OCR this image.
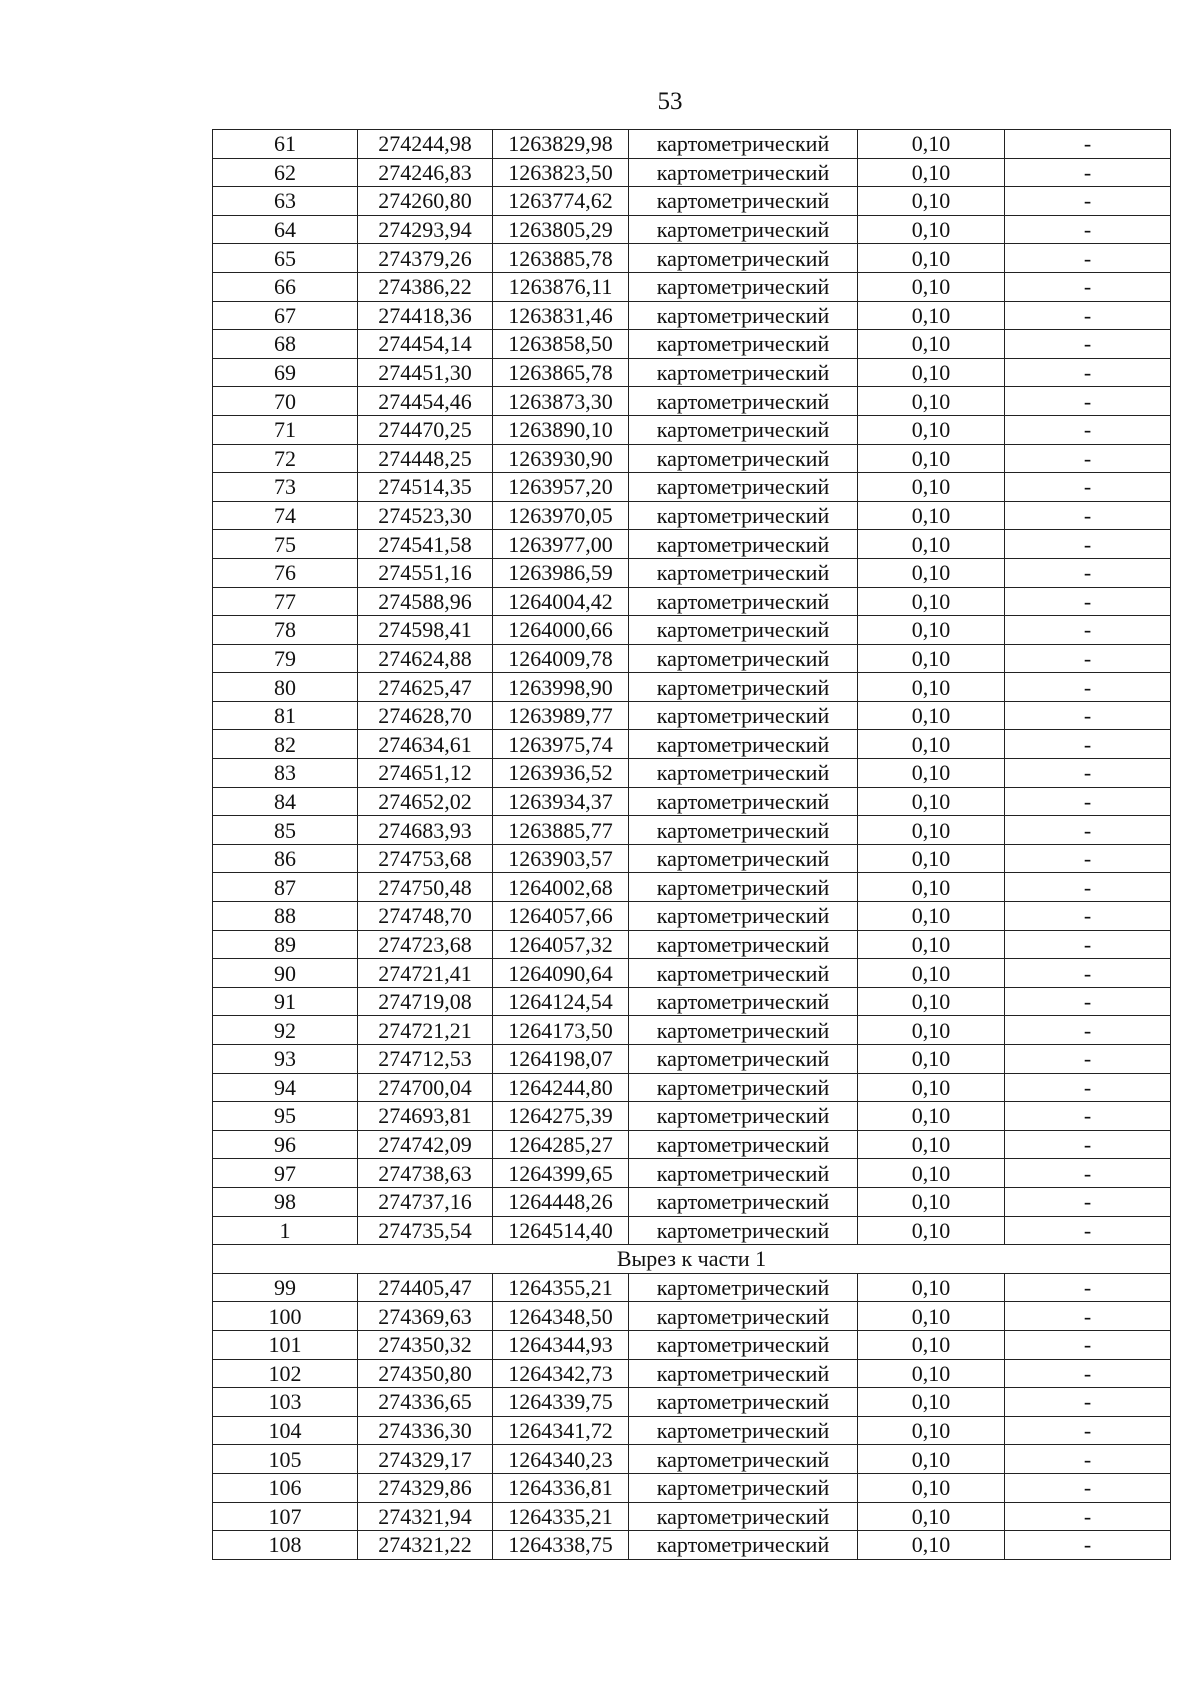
53
61	274244,98	1263829,98	картометрический	0,10	-
62	274246,83	1263823,50	картометрический	0,10	-
63	274260,80	1263774,62	картометрический	0,10	-
64	274293,94	1263805,29	картометрический	0,10	-
65	274379,26	1263885,78	картометрический	0,10	-
66	274386,22	1263876,11	картометрический	0,10	-
67	274418,36	1263831,46	картометрический	0,10	-
68	274454,14	1263858,50	картометрический	0,10	-
69	274451,30	1263865,78	картометрический	0,10	-
70	274454,46	1263873,30	картометрический	0,10	-
71	274470,25	1263890,10	картометрический	0,10	-
72	274448,25	1263930,90	картометрический	0,10	-
73	274514,35	1263957,20	картометрический	0,10	-
74	274523,30	1263970,05	картометрический	0,10	-
75	274541,58	1263977,00	картометрический	0,10	-
76	274551,16	1263986,59	картометрический	0,10	-
77	274588,96	1264004,42	картометрический	0,10	-
78	274598,41	1264000,66	картометрический	0,10	-
79	274624,88	1264009,78	картометрический	0,10	-
80	274625,47	1263998,90	картометрический	0,10	-
81	274628,70	1263989,77	картометрический	0,10	-
82	274634,61	1263975,74	картометрический	0,10	-
83	274651,12	1263936,52	картометрический	0,10	-
84	274652,02	1263934,37	картометрический	0,10	-
85	274683,93	1263885,77	картометрический	0,10	-
86	274753,68	1263903,57	картометрический	0,10	-
87	274750,48	1264002,68	картометрический	0,10	-
88	274748,70	1264057,66	картометрический	0,10	-
89	274723,68	1264057,32	картометрический	0,10	-
90	274721,41	1264090,64	картометрический	0,10	-
91	274719,08	1264124,54	картометрический	0,10	-
92	274721,21	1264173,50	картометрический	0,10	-
93	274712,53	1264198,07	картометрический	0,10	-
94	274700,04	1264244,80	картометрический	0,10	-
95	274693,81	1264275,39	картометрический	0,10	-
96	274742,09	1264285,27	картометрический	0,10	-
97	274738,63	1264399,65	картометрический	0,10	-
98	274737,16	1264448,26	картометрический	0,10	-
1	274735,54	1264514,40	картометрический	0,10	-
Вырез к части 1					
99	274405,47	1264355,21	картометрический	0,10	-
100	274369,63	1264348,50	картометрический	0,10	-
101	274350,32	1264344,93	картометрический	0,10	-
102	274350,80	1264342,73	картометрический	0,10	-
103	274336,65	1264339,75	картометрический	0,10	-
104	274336,30	1264341,72	картометрический	0,10	-
105	274329,17	1264340,23	картометрический	0,10	-
106	274329,86	1264336,81	картометрический	0,10	-
107	274321,94	1264335,21	картометрический	0,10	-
108	274321,22	1264338,75	картометрический	0,10	-
